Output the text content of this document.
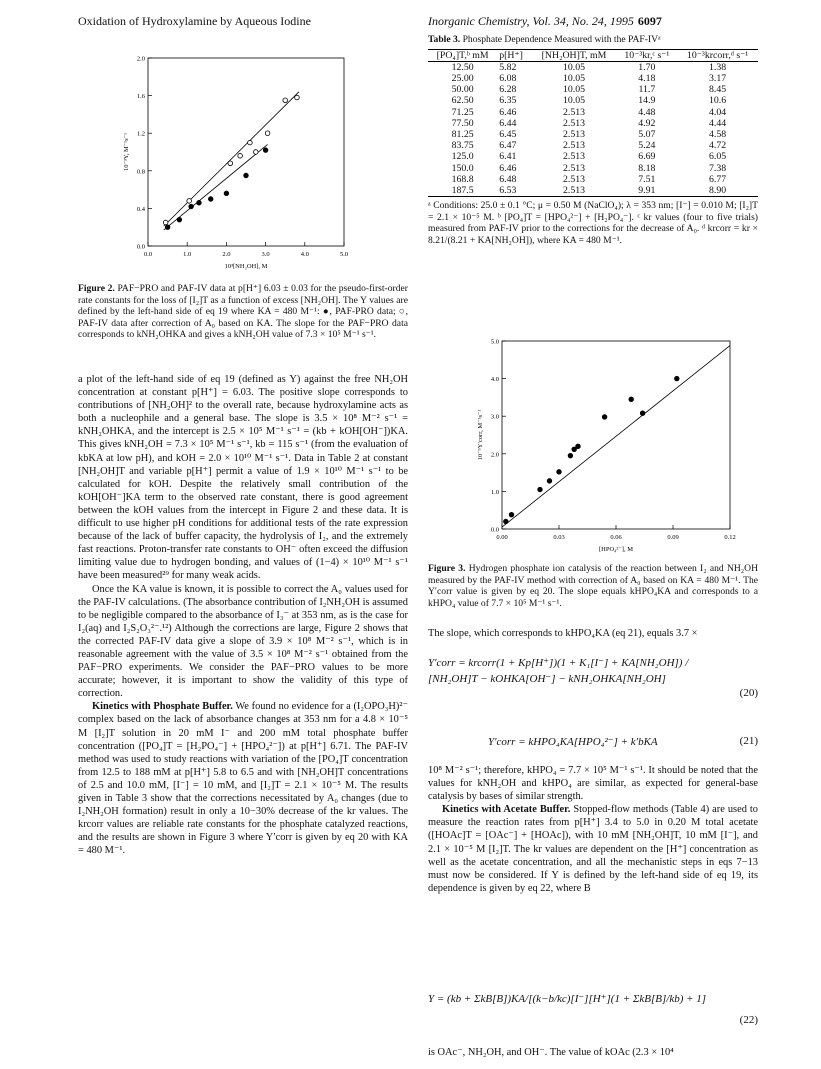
Oxidation of Hydroxylamine by Aqueous Iodine	Inorganic Chemistry, Vol. 34, No. 24, 1995 6097
0.0	1.0	2.0	3.0	4.0	5.0
0.0
0.4
0.8
1.2
1.6
2.0
10³[NH₂OH], M
10⁻³Y, M⁻¹s⁻¹
Figure 2. PAF−PRO and PAF-IV data at p[H⁺] 6.03 ± 0.03 for the pseudo-first-order rate constants for the loss of [I₂]T as a function of excess [NH₂OH]. The Y values are defined by the left-hand side of eq 19 where KA = 480 M⁻¹: ●, PAF-PRO data; ○, PAF-IV data after correction of A₀ based on KA. The slope for the PAF−PRO data corresponds to kNH₂OHKA and gives a kNH₂OH value of 7.3 × 10⁵ M⁻¹ s⁻¹.

a plot of the left-hand side of eq 19 (defined as Y) against the free NH₂OH concentration at constant p[H⁺] = 6.03. The positive slope corresponds to contributions of [NH₂OH]² to the overall rate, because hydroxylamine acts as both a nucleophile and a general base. The slope is 3.5 × 10⁸ M⁻² s⁻¹ = kNH₂OHKA, and the intercept is 2.5 × 10⁵ M⁻¹ s⁻¹ = (kb + kOH[OH⁻])KA. This gives kNH₂OH = 7.3 × 10⁵ M⁻¹ s⁻¹, kb = 115 s⁻¹ (from the evaluation of kbKA at low pH), and kOH = 2.0 × 10¹⁰ M⁻¹ s⁻¹. Data in Table 2 at constant [NH₂OH]T and variable p[H⁺] permit a value of 1.9 × 10¹⁰ M⁻¹ s⁻¹ to be calculated for kOH. Despite the relatively small contribution of the kOH[OH⁻]KA term to the observed rate constant, there is good agreement between the kOH values from the intercept in Figure 2 and these data. It is difficult to use higher pH conditions for additional tests of the rate expression because of the lack of buffer capacity, the hydrolysis of I₂, and the extremely fast reactions. Proton-transfer rate constants to OH⁻ often exceed the diffusion limiting value due to hydrogen bonding, and values of (1−4) × 10¹⁰ M⁻¹ s⁻¹ have been measured²⁹ for many weak acids.

Once the KA value is known, it is possible to correct the A₀ values used for the PAF-IV calculations. (The absorbance contribution of I₂NH₂OH is assumed to be negligible compared to the absorbance of I₃⁻ at 353 nm, as is the case for I₂(aq) and I₂S₂O₃²⁻.¹²) Although the corrections are large, Figure 2 shows that the corrected PAF-IV data give a slope of 3.9 × 10⁸ M⁻² s⁻¹, which is in reasonable agreement with the value of 3.5 × 10⁸ M⁻² s⁻¹ obtained from the PAF−PRO experiments. We consider the PAF−PRO values to be more accurate; however, it is important to show the validity of this type of correction.

Kinetics with Phosphate Buffer. We found no evidence for a (I₂OPO₃H)²⁻ complex based on the lack of absorbance changes at 353 nm for a 4.8 × 10⁻⁵ M [I₂]T solution in 20 mM I⁻ and 200 mM total phosphate buffer concentration ([PO₄]T = [H₂PO₄⁻] + [HPO₄²⁻]) at p[H⁺] 6.71. The PAF-IV method was used to study reactions with variation of the [PO₄]T concentration from 12.5 to 188 mM at p[H⁺] 5.8 to 6.5 and with [NH₂OH]T concentrations of 2.5 and 10.0 mM, [I⁻] = 10 mM, and [I₂]T = 2.1 × 10⁻⁵ M. The results given in Table 3 show that the corrections necessitated by A₀ changes (due to I₂NH₂OH formation) result in only a 10−30% decrease of the kr values. The krcorr values are reliable rate constants for the phosphate catalyzed reactions, and the results are shown in Figure 3 where Y′corr is given by eq 20 with KA = 480 M⁻¹.

Table 3. Phosphate Dependence Measured with the PAF-IVᵃ
[PO₄]T,ᵇ mM	p[H⁺]	[NH₂OH]T, mM	10⁻³kr,ᶜ s⁻¹	10⁻³krcorr,ᵈ s⁻¹
12.50	5.82	10.05	1.70	1.38
25.00	6.08	10.05	4.18	3.17
50.00	6.28	10.05	11.7	8.45
62.50	6.35	10.05	14.9	10.6
71.25	6.46	2.513	4.48	4.04
77.50	6.44	2.513	4.92	4.44
81.25	6.45	2.513	5.07	4.58
83.75	6.47	2.513	5.24	4.72
125.0	6.41	2.513	6.69	6.05
150.0	6.46	2.513	8.18	7.38
168.8	6.48	2.513	7.51	6.77
187.5	6.53	2.513	9.91	8.90
ᵃ Conditions: 25.0 ± 0.1 °C; μ = 0.50 M (NaClO₄); λ = 353 nm; [I⁻] = 0.010 M; [I₂]T = 2.1 × 10⁻⁵ M. ᵇ [PO₄]T = [HPO₄²⁻] + [H₂PO₄⁻]. ᶜ kr values (four to five trials) measured from PAF-IV prior to the corrections for the decrease of A₀. ᵈ krcorr = kr × 8.21/(8.21 + KA[NH₂OH]), where KA = 480 M⁻¹.
0.00	0.03	0.06	0.09	0.12
0.0
1.0
2.0
3.0
4.0
5.0
[HPO₄²⁻], M
10⁻⁵Y′corr, M⁻¹s⁻¹
Figure 3. Hydrogen phosphate ion catalysis of the reaction between I₂ and NH₂OH measured by the PAF-IV method with correction of A₀ based on KA = 480 M⁻¹. The Y′corr value is given by eq 20. The slope equals kHPO₄KA and corresponds to a kHPO₄ value of 7.7 × 10⁵ M⁻¹ s⁻¹.

The slope, which corresponds to kHPO₄KA (eq 21), equals 3.7 ×

Y′corr = krcorr(1 + Kp[H⁺])(1 + K₁[I⁻] + KA[NH₂OH]) / [NH₂OH]T − kOHKA[OH⁻] − kNH₂OHKA[NH₂OH]
(20)
Y′corr = kHPO₄KA[HPO₄²⁻] + k′bKA	(21)

10⁸ M⁻² s⁻¹; therefore, kHPO₄ = 7.7 × 10⁵ M⁻¹ s⁻¹. It should be noted that the values for kNH₂OH and kHPO₄ are similar, as expected for general-base catalysis by bases of similar strength.

Kinetics with Acetate Buffer. Stopped-flow methods (Table 4) are used to measure the reaction rates from p[H⁺] 3.4 to 5.0 in 0.20 M total acetate ([HOAc]T = [OAc⁻] + [HOAc]), with 10 mM [NH₂OH]T, 10 mM [I⁻], and 2.1 × 10⁻⁵ M [I₂]T. The kr values are dependent on the [H⁺] concentration as well as the acetate concentration, and all the mechanistic steps in eqs 7−13 must now be considered. If Y is defined by the left-hand side of eq 19, its dependence is given by eq 22, where B

Y = (kb + ΣkB[B])KA/[(k−b/kc)[I⁻][H⁺](1 + ΣkB[B]/kb) + 1]
(22)

is OAc⁻, NH₂OH, and OH⁻. The value of kOAc (2.3 × 10⁴
